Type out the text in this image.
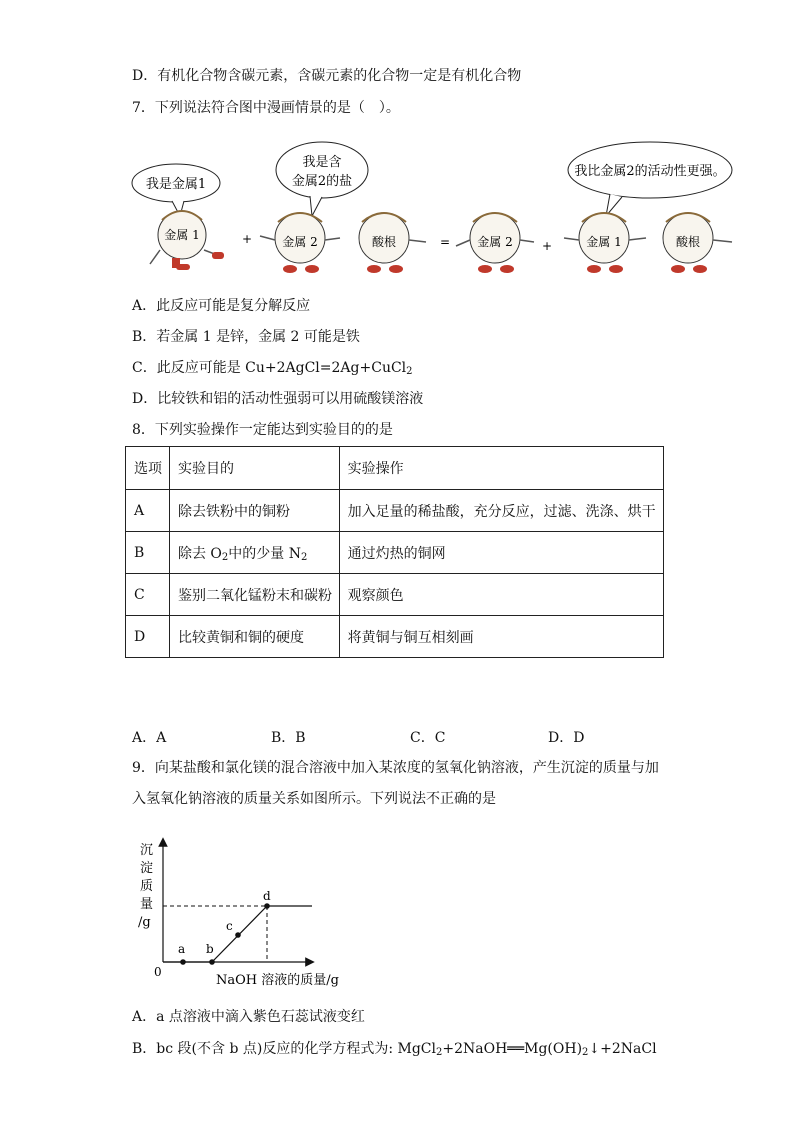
D．有机化合物含碳元素，含碳元素的化合物一定是有机化合物
7．下列说法符合图中漫画情景的是（　）。
我是金属1
我是含
金属2的盐
我比金属2的活动性更强。
金属 1	+	金属 2	酸根	= 金属 2 +	金属 1	酸根
A．此反应可能是复分解反应
B．若金属 1 是锌，金属 2 可能是铁
C．此反应可能是 Cu+2AgCl=2Ag+CuCl$_2$
D．比较铁和铝的活动性强弱可以用硫酸镁溶液
8．下列实验操作一定能达到实验目的的是
选项	实验目的	实验操作
A	除去铁粉中的铜粉	加入足量的稀盐酸，充分反应，过滤、洗涤、烘干
B	除去 $O_2$中的少量 $N_2$	通过灼热的铜网
C	鉴别二氧化锰粉末和碳粉	观察颜色
D	比较黄铜和铜的硬度	将黄铜与铜互相刻画
A．A	B．B	C．C	D．D
9．向某盐酸和氯化镁的混合溶液中加入某浓度的氢氧化钠溶液，产生沉淀的质量与加
入氢氧化钠溶液的质量关系如图所示。下列说法不正确的是
沉
淀
质
量
/g
0
NaOH 溶液的质量/g
a b
c
d
A．a 点溶液中滴入紫色石蕊试液变红
B．bc 段(不含 b 点)反应的化学方程式为: $MgCl_2+2NaOH══Mg(OH)_2↓+2NaCl$
